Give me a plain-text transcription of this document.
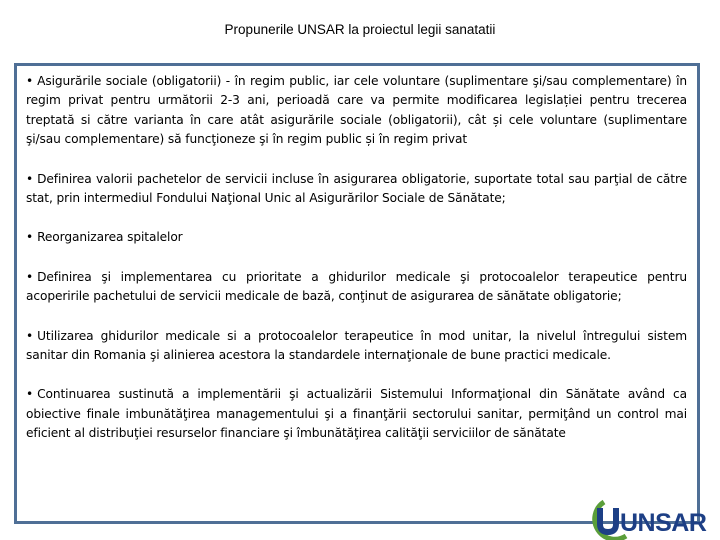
Propunerile UNSAR la proiectul legii sanatatii

• Asigurările sociale (obligatorii) - în regim public, iar cele voluntare (suplimentare şi/sau complementare) în regim privat pentru următorii 2-3 ani, perioadă care va permite modificarea legislației pentru trecerea treptată si către varianta în care atât asigurările sociale (obligatorii), cât și cele voluntare (suplimentare şi/sau complementare) să funcţioneze şi în regim public și în regim privat

• Definirea valorii pachetelor de servicii incluse în asigurarea obligatorie, suportate total sau parţial de către stat, prin intermediul Fondului Naţional Unic al Asigurărilor Sociale de Sănătate;

• Reorganizarea spitalelor

• Definirea şi implementarea cu prioritate a ghidurilor medicale şi protocoalelor terapeutice pentru acoperirile pachetului de servicii medicale de bază, conţinut de asigurarea de sănătate obligatorie;

• Utilizarea ghidurilor medicale si a protocoalelor terapeutice în mod unitar, la nivelul întregului sistem sanitar din Romania şi alinierea acestora la standardele internaţionale de bune practici medicale.

• Continuarea sustinută a implementării şi actualizării Sistemului Informaţional din Sănătate având ca obiective finale imbunătăţirea managementului şi a finanţării sectorului sanitar, permiţând un control mai eficient al distribuţiei resurselor financiare şi îmbunătăţirea calităţii serviciilor de sănătate

UNSAR
